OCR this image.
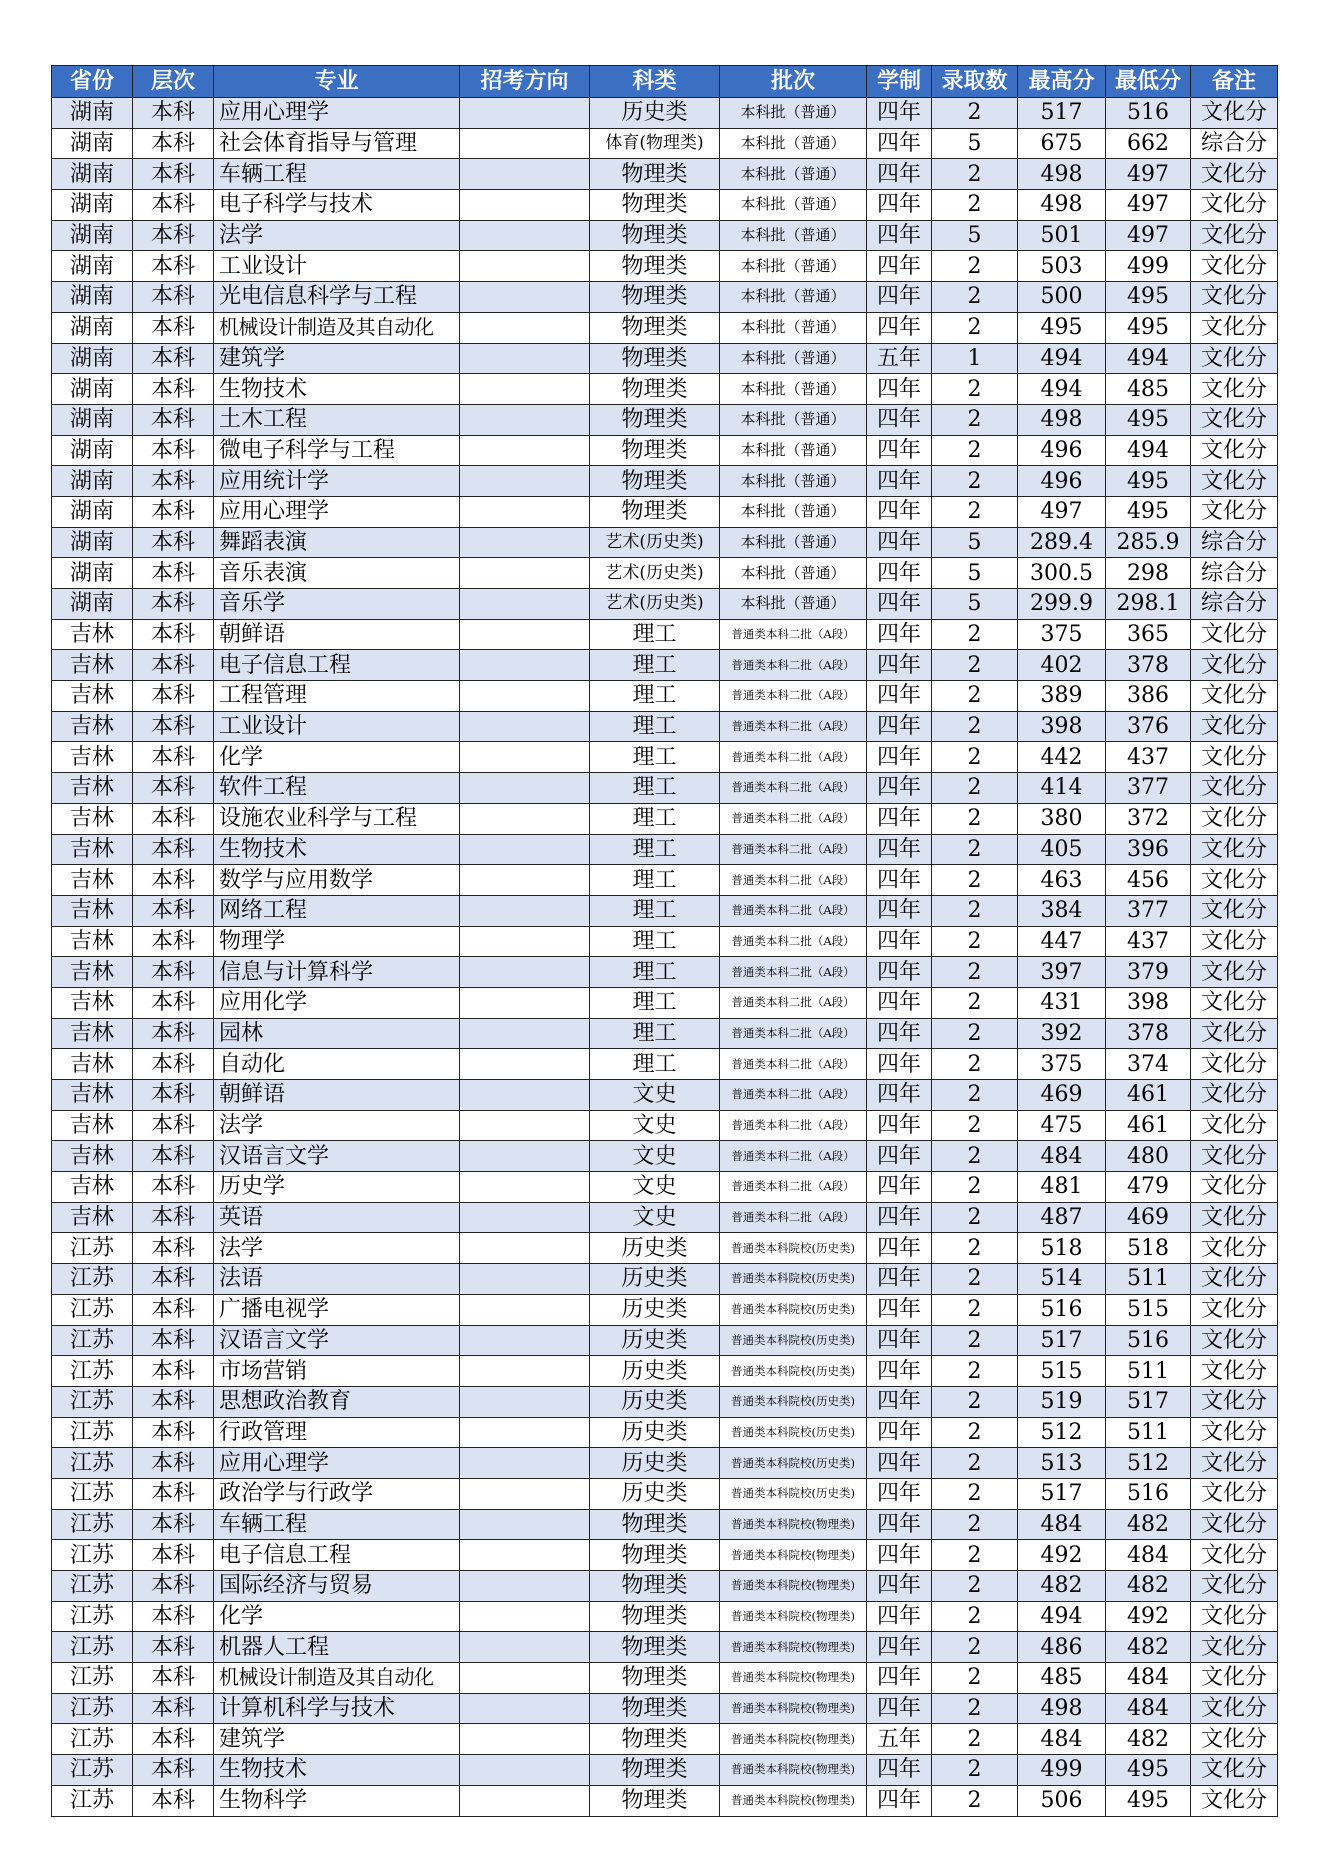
省份	层次	专业	招考方向	科类	批次	学制	录取数	最高分	最低分	备注
湖南	本科	应用心理学		历史类	本科批（普通）	四年	2	517	516	文化分
湖南	本科	社会体育指导与管理		体育(物理类)	本科批（普通）	四年	5	675	662	综合分
湖南	本科	车辆工程		物理类	本科批（普通）	四年	2	498	497	文化分
湖南	本科	电子科学与技术		物理类	本科批（普通）	四年	2	498	497	文化分
湖南	本科	法学		物理类	本科批（普通）	四年	5	501	497	文化分
湖南	本科	工业设计		物理类	本科批（普通）	四年	2	503	499	文化分
湖南	本科	光电信息科学与工程		物理类	本科批（普通）	四年	2	500	495	文化分
湖南	本科	机械设计制造及其自动化		物理类	本科批（普通）	四年	2	495	495	文化分
湖南	本科	建筑学		物理类	本科批（普通）	五年	1	494	494	文化分
湖南	本科	生物技术		物理类	本科批（普通）	四年	2	494	485	文化分
湖南	本科	土木工程		物理类	本科批（普通）	四年	2	498	495	文化分
湖南	本科	微电子科学与工程		物理类	本科批（普通）	四年	2	496	494	文化分
湖南	本科	应用统计学		物理类	本科批（普通）	四年	2	496	495	文化分
湖南	本科	应用心理学		物理类	本科批（普通）	四年	2	497	495	文化分
湖南	本科	舞蹈表演		艺术(历史类)	本科批（普通）	四年	5	289.4	285.9	综合分
湖南	本科	音乐表演		艺术(历史类)	本科批（普通）	四年	5	300.5	298	综合分
湖南	本科	音乐学		艺术(历史类)	本科批（普通）	四年	5	299.9	298.1	综合分
吉林	本科	朝鲜语		理工	普通类本科二批（A段）	四年	2	375	365	文化分
吉林	本科	电子信息工程		理工	普通类本科二批（A段）	四年	2	402	378	文化分
吉林	本科	工程管理		理工	普通类本科二批（A段）	四年	2	389	386	文化分
吉林	本科	工业设计		理工	普通类本科二批（A段）	四年	2	398	376	文化分
吉林	本科	化学		理工	普通类本科二批（A段）	四年	2	442	437	文化分
吉林	本科	软件工程		理工	普通类本科二批（A段）	四年	2	414	377	文化分
吉林	本科	设施农业科学与工程		理工	普通类本科二批（A段）	四年	2	380	372	文化分
吉林	本科	生物技术		理工	普通类本科二批（A段）	四年	2	405	396	文化分
吉林	本科	数学与应用数学		理工	普通类本科二批（A段）	四年	2	463	456	文化分
吉林	本科	网络工程		理工	普通类本科二批（A段）	四年	2	384	377	文化分
吉林	本科	物理学		理工	普通类本科二批（A段）	四年	2	447	437	文化分
吉林	本科	信息与计算科学		理工	普通类本科二批（A段）	四年	2	397	379	文化分
吉林	本科	应用化学		理工	普通类本科二批（A段）	四年	2	431	398	文化分
吉林	本科	园林		理工	普通类本科二批（A段）	四年	2	392	378	文化分
吉林	本科	自动化		理工	普通类本科二批（A段）	四年	2	375	374	文化分
吉林	本科	朝鲜语		文史	普通类本科二批（A段）	四年	2	469	461	文化分
吉林	本科	法学		文史	普通类本科二批（A段）	四年	2	475	461	文化分
吉林	本科	汉语言文学		文史	普通类本科二批（A段）	四年	2	484	480	文化分
吉林	本科	历史学		文史	普通类本科二批（A段）	四年	2	481	479	文化分
吉林	本科	英语		文史	普通类本科二批（A段）	四年	2	487	469	文化分
江苏	本科	法学		历史类	普通类本科院校(历史类)	四年	2	518	518	文化分
江苏	本科	法语		历史类	普通类本科院校(历史类)	四年	2	514	511	文化分
江苏	本科	广播电视学		历史类	普通类本科院校(历史类)	四年	2	516	515	文化分
江苏	本科	汉语言文学		历史类	普通类本科院校(历史类)	四年	2	517	516	文化分
江苏	本科	市场营销		历史类	普通类本科院校(历史类)	四年	2	515	511	文化分
江苏	本科	思想政治教育		历史类	普通类本科院校(历史类)	四年	2	519	517	文化分
江苏	本科	行政管理		历史类	普通类本科院校(历史类)	四年	2	512	511	文化分
江苏	本科	应用心理学		历史类	普通类本科院校(历史类)	四年	2	513	512	文化分
江苏	本科	政治学与行政学		历史类	普通类本科院校(历史类)	四年	2	517	516	文化分
江苏	本科	车辆工程		物理类	普通类本科院校(物理类)	四年	2	484	482	文化分
江苏	本科	电子信息工程		物理类	普通类本科院校(物理类)	四年	2	492	484	文化分
江苏	本科	国际经济与贸易		物理类	普通类本科院校(物理类)	四年	2	482	482	文化分
江苏	本科	化学		物理类	普通类本科院校(物理类)	四年	2	494	492	文化分
江苏	本科	机器人工程		物理类	普通类本科院校(物理类)	四年	2	486	482	文化分
江苏	本科	机械设计制造及其自动化		物理类	普通类本科院校(物理类)	四年	2	485	484	文化分
江苏	本科	计算机科学与技术		物理类	普通类本科院校(物理类)	四年	2	498	484	文化分
江苏	本科	建筑学		物理类	普通类本科院校(物理类)	五年	2	484	482	文化分
江苏	本科	生物技术		物理类	普通类本科院校(物理类)	四年	2	499	495	文化分
江苏	本科	生物科学		物理类	普通类本科院校(物理类)	四年	2	506	495	文化分
